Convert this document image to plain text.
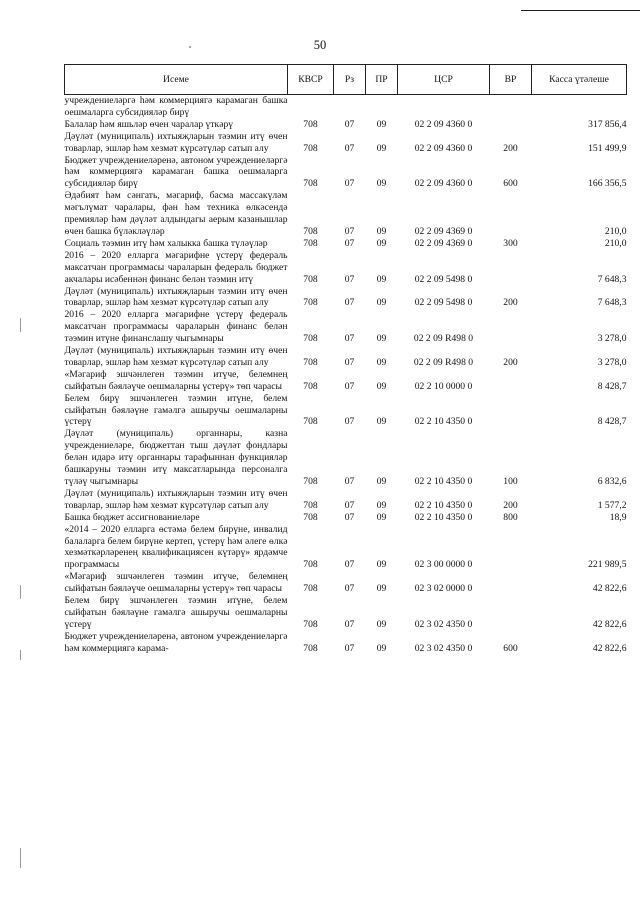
50
Исеме	КВСР	Рз	ПР	ЦСР	ВР	Касса үтәлеше
учреждениеләргә һәм коммерциягә карамаган башка оешмаларга субсидияләр бирү						
Балалар һәм яшьләр өчен чаралар үткәрү	708	07	09	02 2 09 4360 0		317 856,4
Дәүләт (муниципаль) ихтыяҗларын тәэмин итү өчен товарлар, эшләр һәм хезмәт күрсәтүләр сатып алу	708	07	09	02 2 09 4360 0	200	151 499,9
Бюджет учреждениеләренә, автоном учреждениеләргә һәм коммерциягә карамаган башка оешмаларга субсидияләр бирү	708	07	09	02 2 09 4360 0	600	166 356,5
Әдәбият һәм сәнгать, мәгариф, басма массакүләм мәгълүмат чаралары, фән һәм техника өлкәсендә премияләр һәм дәүләт алдындагы аерым казанышлар өчен башка бүләкләүләр	708	07	09	02 2 09 4369 0		210,0
Социаль тәэмин итү һәм халыкка башка түләүләр	708	07	09	02 2 09 4369 0	300	210,0
2016 – 2020 елларга мәгарифне үстерү федераль максатчан программасы чараларын федераль бюджет акчалары исәбеннән финанс белән тәэмин итү	708	07	09	02 2 09 5498 0		7 648,3
Дәүләт (муниципаль) ихтыяҗларын тәэмин итү өчен товарлар, эшләр һәм хезмәт күрсәтүләр сатып алу	708	07	09	02 2 09 5498 0	200	7 648,3
2016 – 2020 елларга мәгарифне үстерү федераль максатчан программасы чараларын финанс белән тәэмин итүне финанслашу чыгымнары	708	07	09	02 2 09 R498 0		3 278,0
Дәүләт (муниципаль) ихтыяҗларын тәэмин итү өчен товарлар, эшләр һәм хезмәт күрсәтүләр сатып алу	708	07	09	02 2 09 R498 0	200	3 278,0
«Мәгариф эшчәнлеген тәэмин итүче, белемнең сыйфатын бәяләүче оешмаларны үстерү» төп чарасы	708	07	09	02 2 10 0000 0		8 428,7
Белем бирү эшчәнлеген тәэмин итүне, белем сыйфатын бәяләүне гамәлгә ашыручы оешмаларны үстерү	708	07	09	02 2 10 4350 0		8 428,7
Дәүләт (муниципаль) органнары, казна учреждениеләре, бюджеттан тыш дәүләт фондлары белән идарә итү органнары тарафыннан функцияләр башкаруны тәэмин итү максатларында персоналга түләү чыгымнары	708	07	09	02 2 10 4350 0	100	6 832,6
Дәүләт (муниципаль) ихтыяҗларын тәэмин итү өчен товарлар, эшләр һәм хезмәт күрсәтүләр сатып алу	708	07	09	02 2 10 4350 0	200	1 577,2
Башка бюджет ассигнованиеләре	708	07	09	02 2 10 4350 0	800	18,9
«2014 – 2020 елларга өстәмә белем бирүне, инвалид балаларга белем бирүне кертеп, үстерү һәм әлеге өлкә хезмәткәрләренең квалификациясен күтәрү» ярдәмче программасы	708	07	09	02 3 00 0000 0		221 989,5
«Мәгариф эшчәнлеген тәэмин итүче, белемнең сыйфатын бәяләүче оешмаларны үстерү» төп чарасы	708	07	09	02 3 02 0000 0		42 822,6
Белем бирү эшчәнлеген тәэмин итүне, белем сыйфатын бәяләүне гамәлгә ашыручы оешмаларны үстерү	708	07	09	02 3 02 4350 0		42 822,6
Бюджет учреждениеләренә, автоном учреждениеләргә һәм коммерциягә карама-	708	07	09	02 3 02 4350 0	600	42 822,6
